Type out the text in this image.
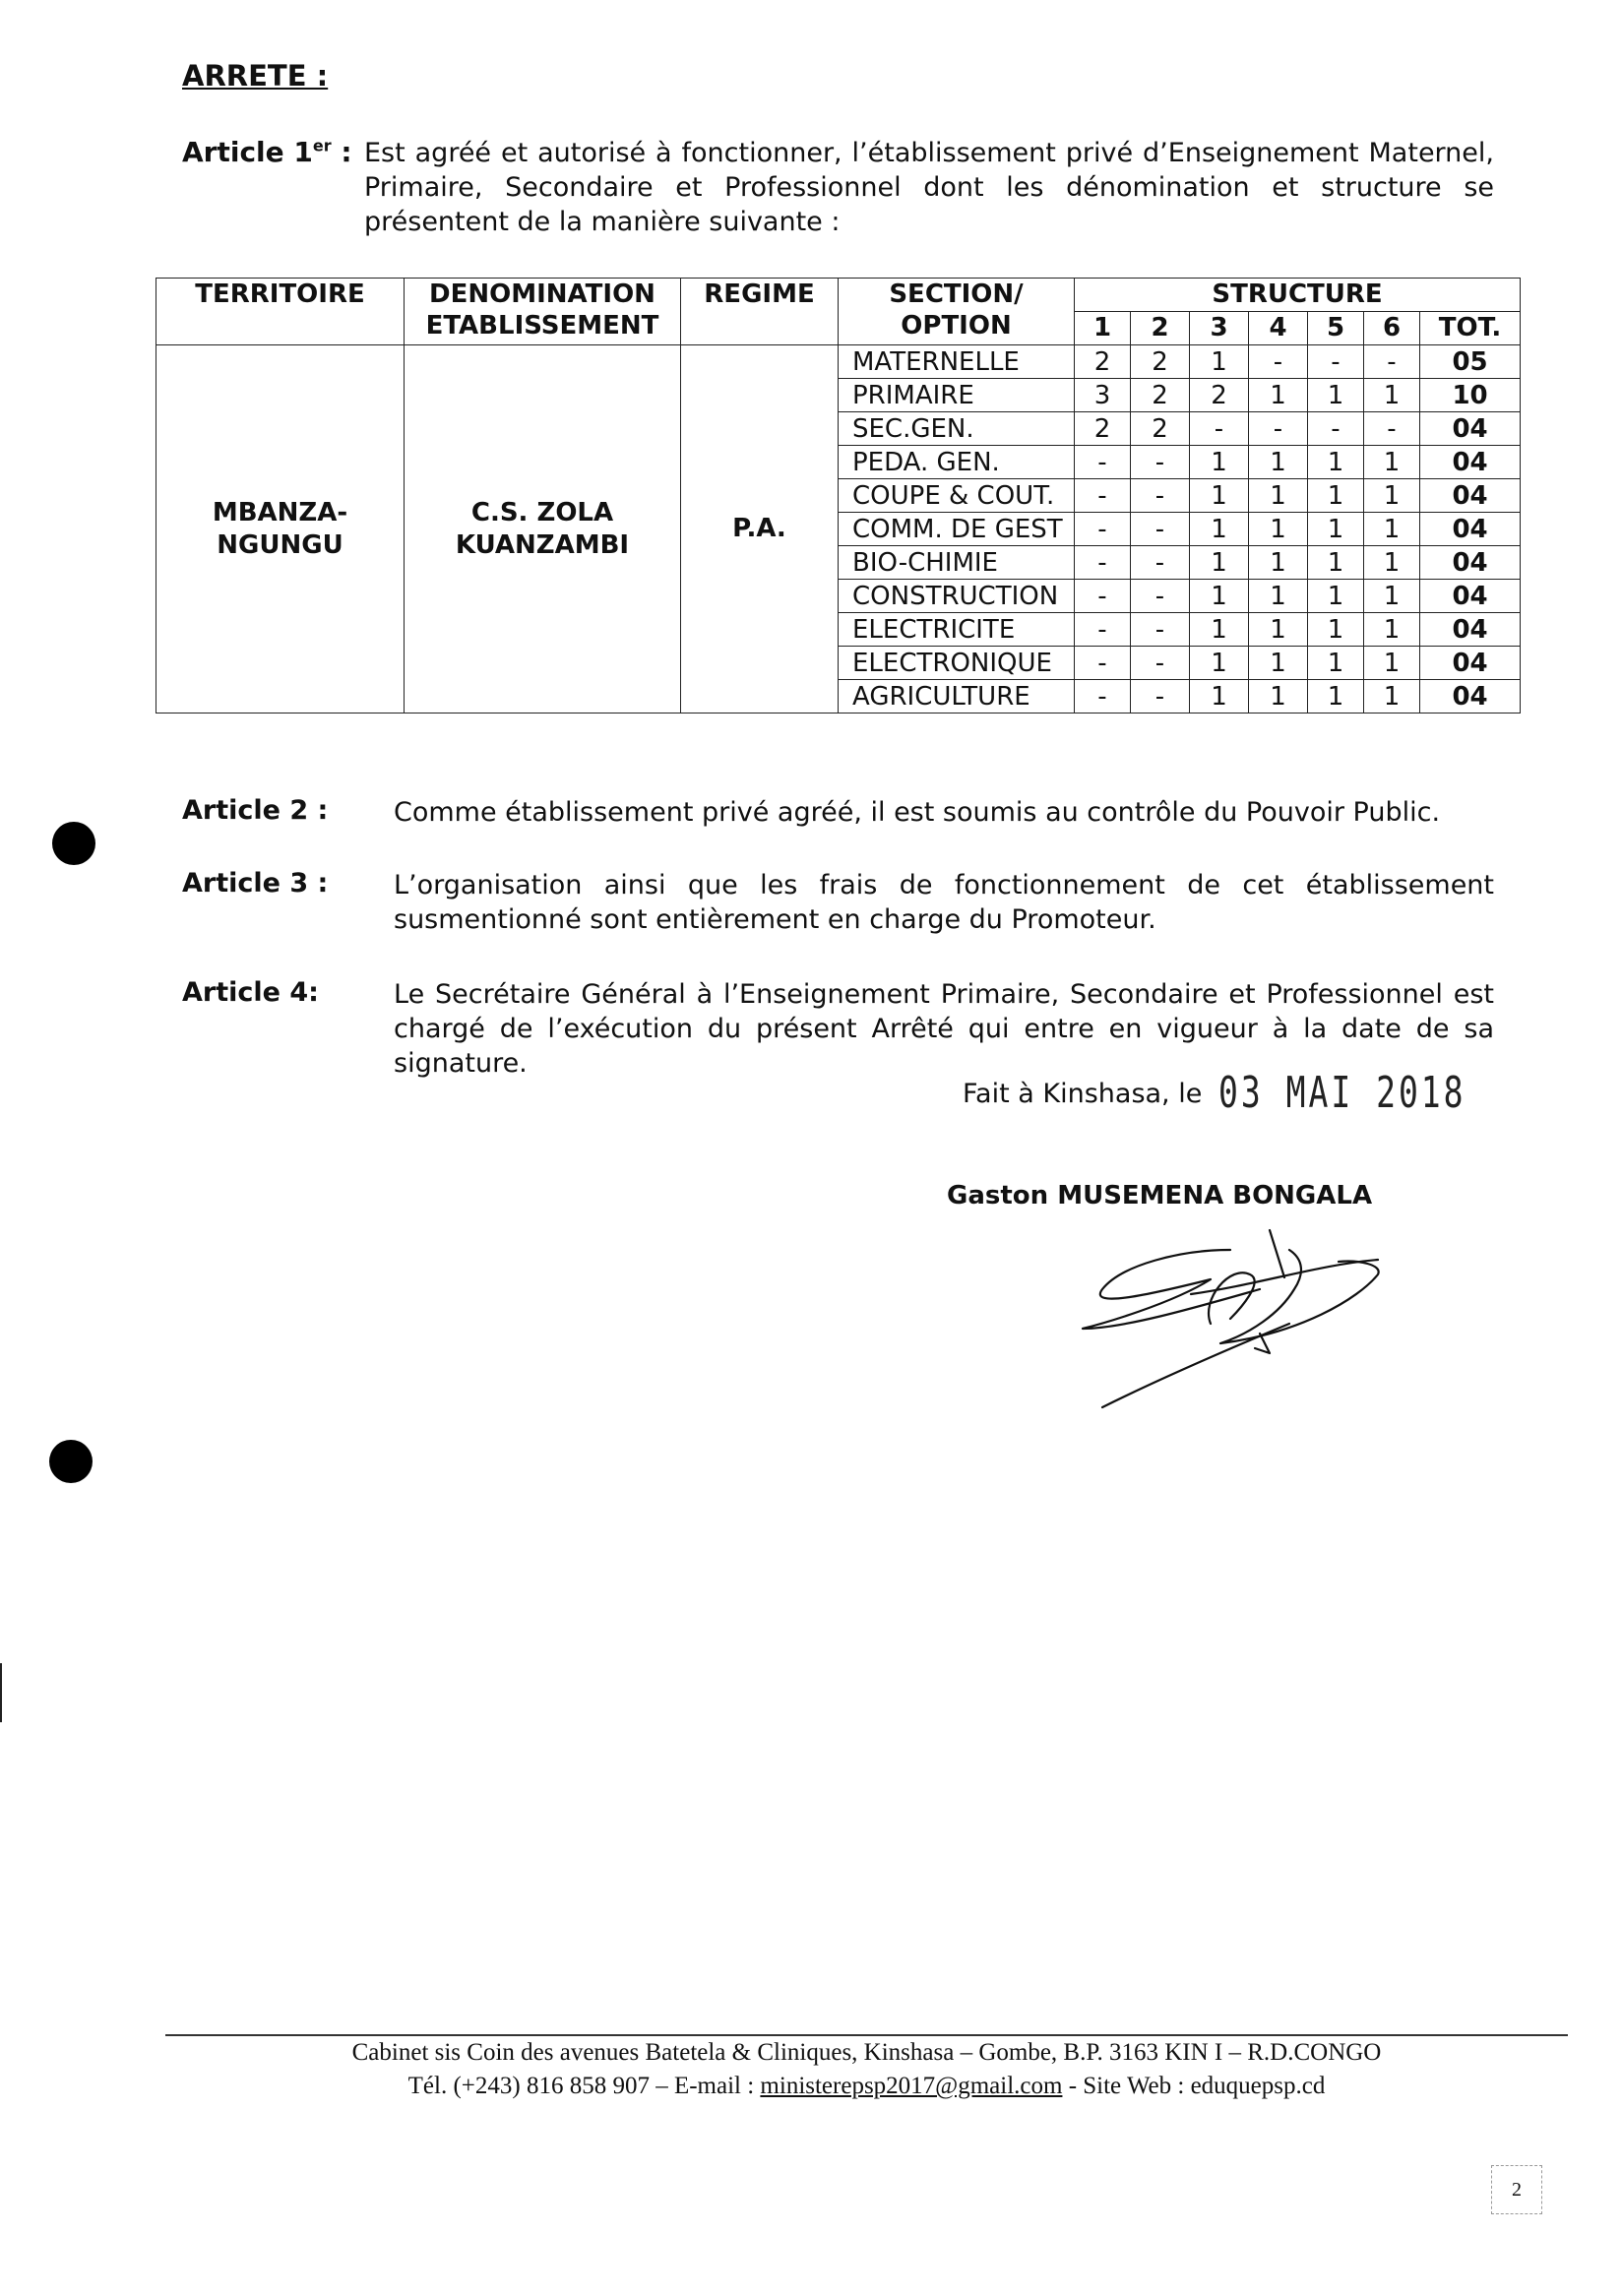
ARRETE :
Article 1er : Est agréé et autorisé à fonctionner, l’établissement privé d’Enseignement Maternel,
Primaire, Secondaire et Professionnel dont les dénomination et structure se présentent de la manière suivante :
TERRITOIRE	DENOMINATION ETABLISSEMENT	REGIME	SECTION/ OPTION	STRUCTURE						
				1	2	3	4	5	6	TOT.
MBANZA- NGUNGU	C.S. ZOLA KUANZAMBI	P.A.	MATERNELLE	2	2	1	-	-	-	05
			PRIMAIRE	3	2	2	1	1	1	10
			SEC.GEN.	2	2	-	-	-	-	04
			PEDA. GEN.	-	-	1	1	1	1	04
			COUPE & COUT.	-	-	1	1	1	1	04
			COMM. DE GEST	-	-	1	1	1	1	04
			BIO-CHIMIE	-	-	1	1	1	1	04
			CONSTRUCTION	-	-	1	1	1	1	04
			ELECTRICITE	-	-	1	1	1	1	04
			ELECTRONIQUE	-	-	1	1	1	1	04
			AGRICULTURE	-	-	1	1	1	1	04
Article 2 : Comme établissement privé agréé, il est soumis au contrôle du Pouvoir Public.
Article 3 : L’organisation ainsi que les frais de fonctionnement de cet établissement susmentionné sont entièrement en charge du Promoteur.
Article 4:	Le Secrétaire Général à l’Enseignement Primaire, Secondaire et Professionnel est chargé de l’exécution du présent Arrêté qui entre en vigueur à la date de sa signature.
Fait à Kinshasa, le 03 MAI 2018
Gaston MUSEMENA BONGALA
Cabinet sis Coin des avenues Batetela & Cliniques, Kinshasa – Gombe, B.P. 3163 KIN I – R.D.CONGO
Tél. (+243) 816 858 907 – E-mail : ministerepsp2017@gmail.com - Site Web : eduquepsp.cd
2
